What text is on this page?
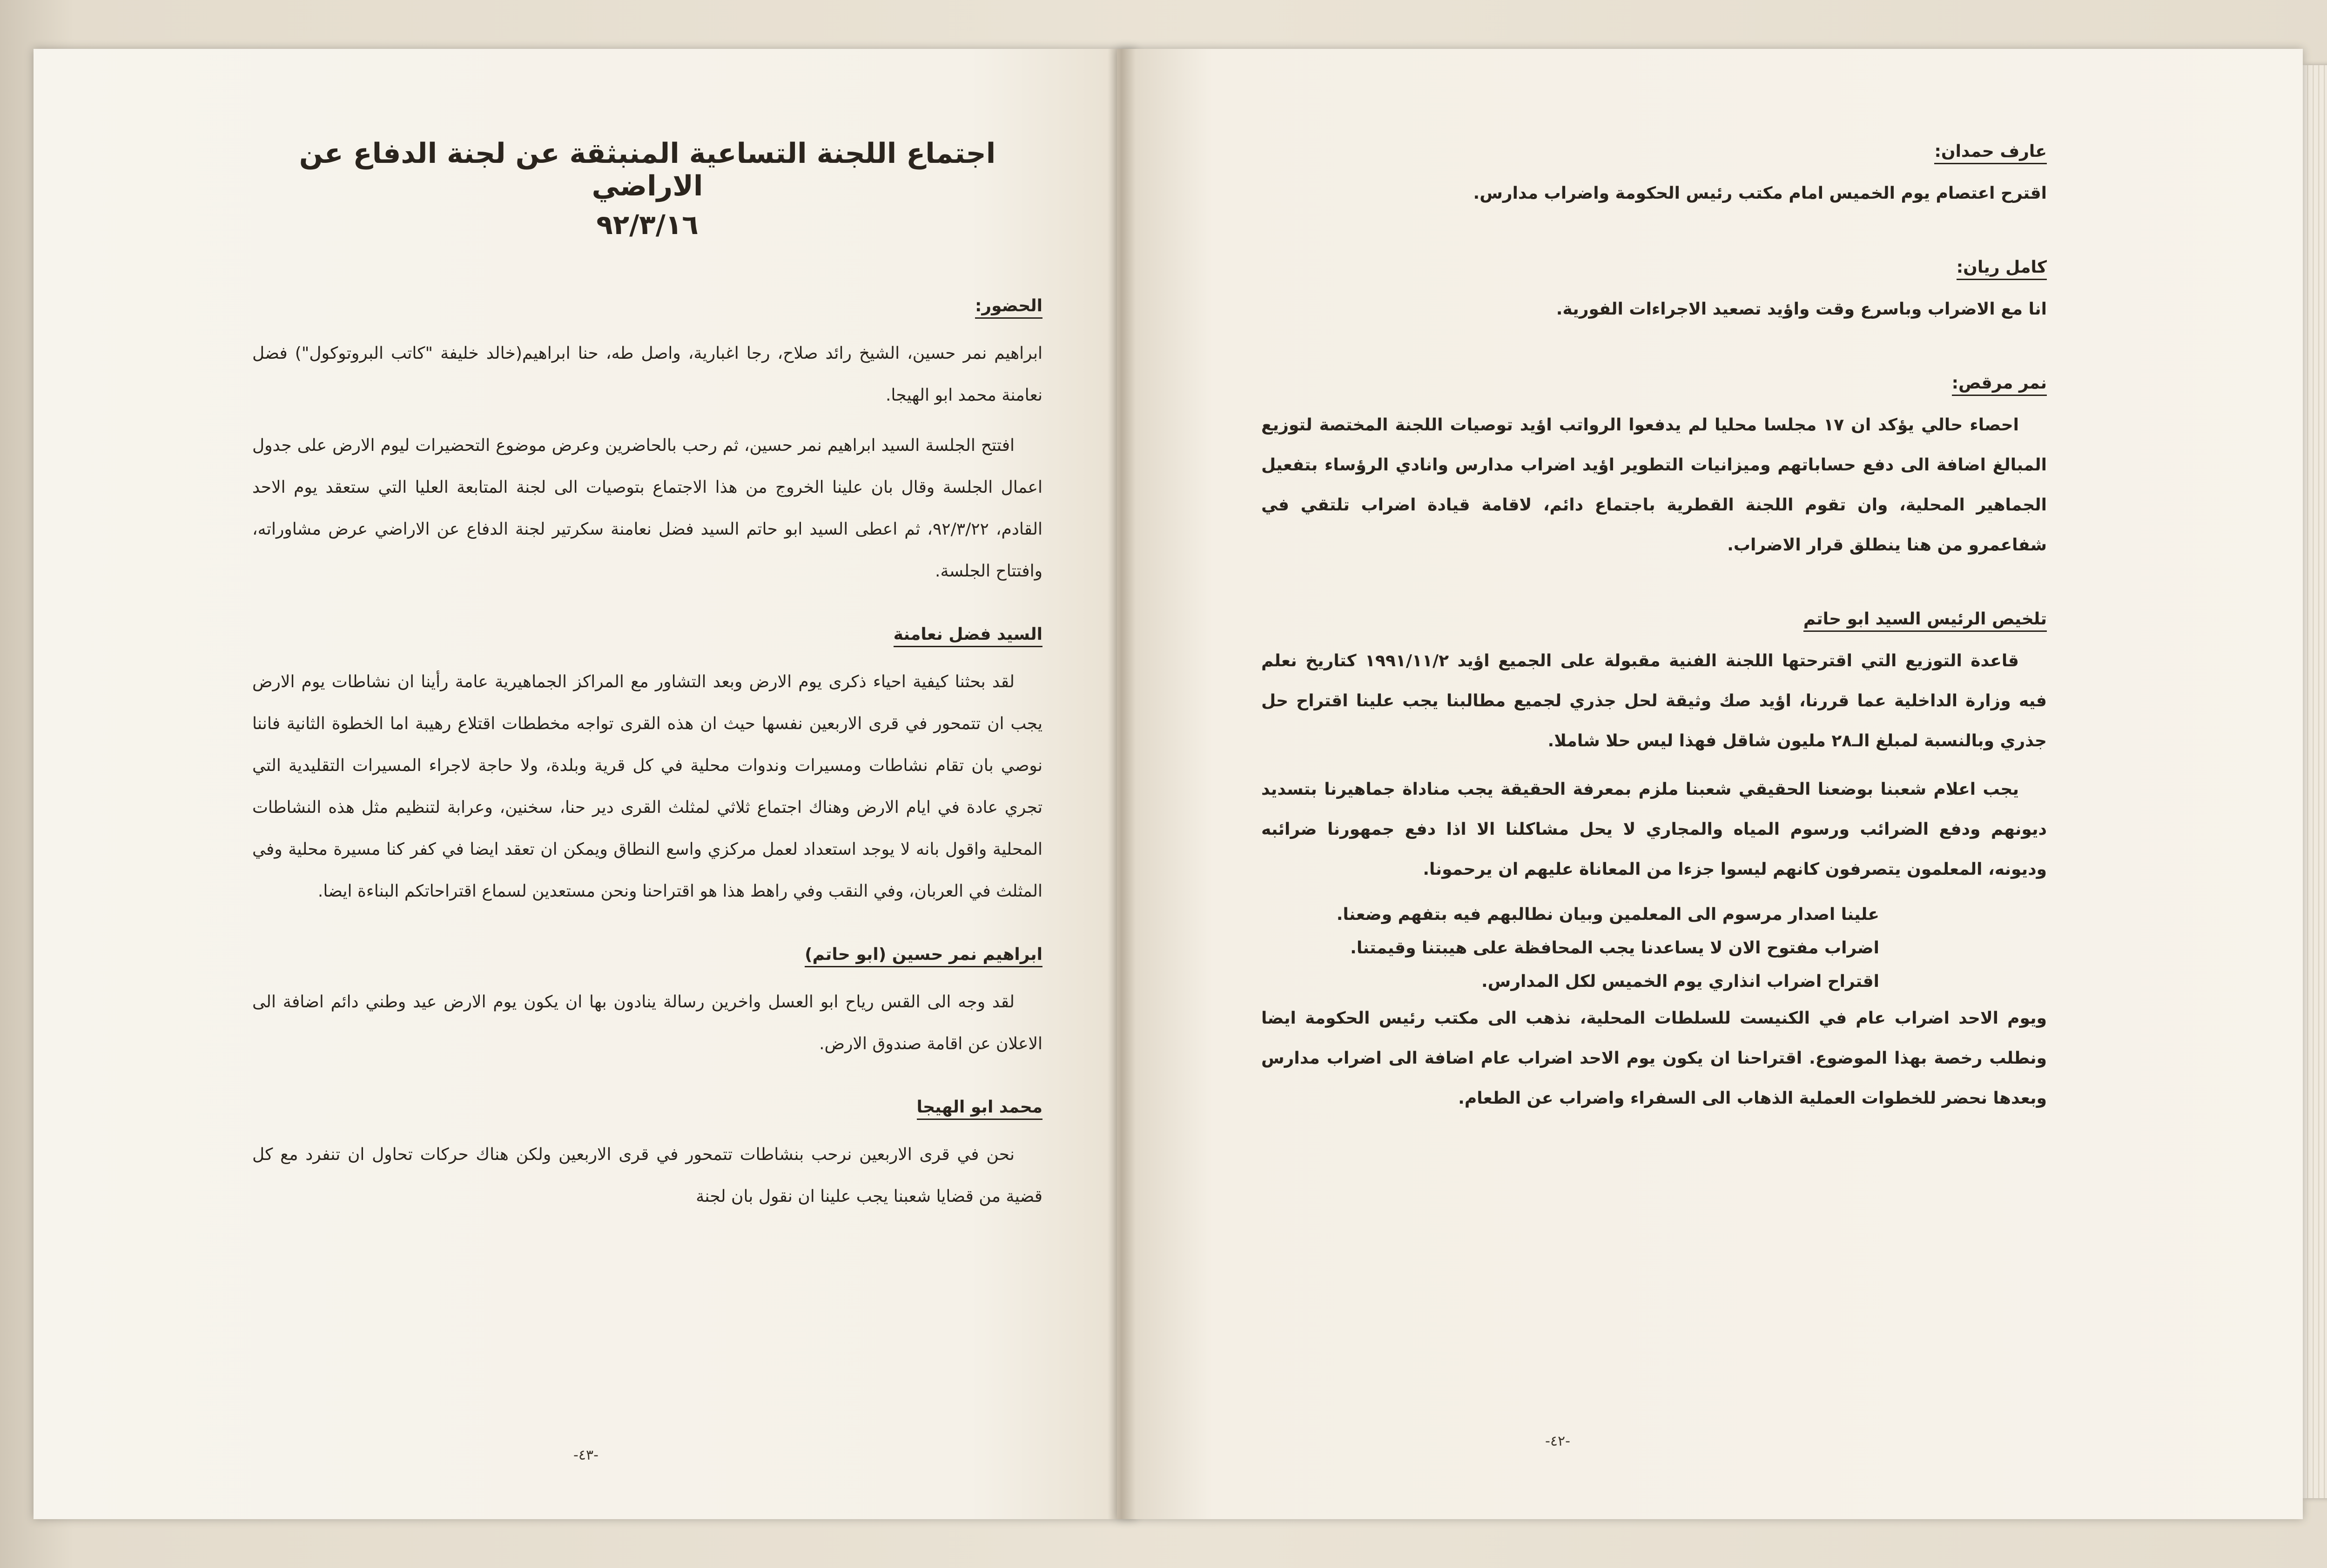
اجتماع اللجنة التساعية المنبثقة عن لجنة الدفاع عن الاراضي
٩٢/٣/١٦
الحضور:

ابراهيم نمر حسين، الشيخ رائد صلاح، رجا اغبارية، واصل طه، حنا ابراهيم(خالد خليفة "كاتب البروتوكول") فضل نعامنة محمد ابو الهيجا.

افتتح الجلسة السيد ابراهيم نمر حسين، ثم رحب بالحاضرين وعرض موضوع التحضيرات ليوم الارض على جدول اعمال الجلسة وقال بان علينا الخروج من هذا الاجتماع بتوصيات الى لجنة المتابعة العليا التي ستعقد يوم الاحد القادم، ٩٢/٣/٢٢، ثم اعطى السيد ابو حاتم السيد فضل نعامنة سكرتير لجنة الدفاع عن الاراضي عرض مشاوراته، وافتتاح الجلسة.

السيد فضل نعامنة

لقد بحثنا كيفية احياء ذكرى يوم الارض وبعد التشاور مع المراكز الجماهيرية عامة رأينا ان نشاطات يوم الارض يجب ان تتمحور في قرى الاربعين نفسها حيث ان هذه القرى تواجه مخططات اقتلاع رهيبة اما الخطوة الثانية فاننا نوصي بان تقام نشاطات ومسيرات وندوات محلية في كل قرية وبلدة، ولا حاجة لاجراء المسيرات التقليدية التي تجري عادة في ايام الارض وهناك اجتماع ثلاثي لمثلث القرى دير حنا، سخنين، وعرابة لتنظيم مثل هذه النشاطات المحلية واقول بانه لا يوجد استعداد لعمل مركزي واسع النطاق ويمكن ان تعقد ايضا في كفر كنا مسيرة محلية وفي المثلث في العربان، وفي النقب وفي راهط هذا هو اقتراحنا ونحن مستعدين لسماع اقتراحاتكم البناءة ايضا.

ابراهيم نمر حسين (ابو حاتم)

لقد وجه الى القس رياح ابو العسل واخرين رسالة ينادون بها ان يكون يوم الارض عيد وطني دائم اضافة الى الاعلان عن اقامة صندوق الارض.

محمد ابو الهيجا

نحن في قرى الاربعين نرحب بنشاطات تتمحور في قرى الاربعين ولكن هناك حركات تحاول ان تنفرد مع كل قضية من قضايا شعبنا يجب علينا ان نقول بان لجنة

-٤٣-
عارف حمدان:

اقترح اعتصام يوم الخميس امام مكتب رئيس الحكومة واضراب مدارس.

كامل ريان:

انا مع الاضراب وباسرع وقت واؤيد تصعيد الاجراءات الفورية.

نمر مرقص:

احصاء حالي يؤكد ان ١٧ مجلسا محليا لم يدفعوا الرواتب اؤيد توصيات اللجنة المختصة لتوزيع المبالغ اضافة الى دفع حساباتهم وميزانيات التطوير اؤيد اضراب مدارس وانادي الرؤساء بتفعيل الجماهير المحلية، وان تقوم اللجنة القطرية باجتماع دائم، لاقامة قيادة اضراب تلتقي في شفاعمرو من هنا ينطلق قرار الاضراب.

تلخيص الرئيس السيد ابو حاتم

قاعدة التوزيع التي اقترحتها اللجنة الفنية مقبولة على الجميع اؤيد ١٩٩١/١١/٢ كتاريخ نعلم فيه وزارة الداخلية عما قررنا، اؤيد صك وثيقة لحل جذري لجميع مطالبنا يجب علينا اقتراح حل جذري وبالنسبة لمبلغ الـ٢٨ مليون شاقل فهذا ليس حلا شاملا.

يجب اعلام شعبنا بوضعنا الحقيقي شعبنا ملزم بمعرفة الحقيقة يجب مناداة جماهيرنا بتسديد ديونهم ودفع الضرائب ورسوم المياه والمجاري لا يحل مشاكلنا الا اذا دفع جمهورنا ضرائبه وديونه، المعلمون يتصرفون كانهم ليسوا جزءا من المعاناة عليهم ان يرحمونا.

علينا اصدار مرسوم الى المعلمين وبيان نطالبهم فيه بتفهم وضعنا.
اضراب مفتوح الان لا يساعدنا يجب المحافظة على هيبتنا وقيمتنا.
اقتراح اضراب انذاري يوم الخميس لكل المدارس.

ويوم الاحد اضراب عام في الكنيست للسلطات المحلية، نذهب الى مكتب رئيس الحكومة ايضا ونطلب رخصة بهذا الموضوع. اقتراحنا ان يكون يوم الاحد اضراب عام اضافة الى اضراب مدارس وبعدها نحضر للخطوات العملية الذهاب الى السفراء واضراب عن الطعام.

-٤٢-
